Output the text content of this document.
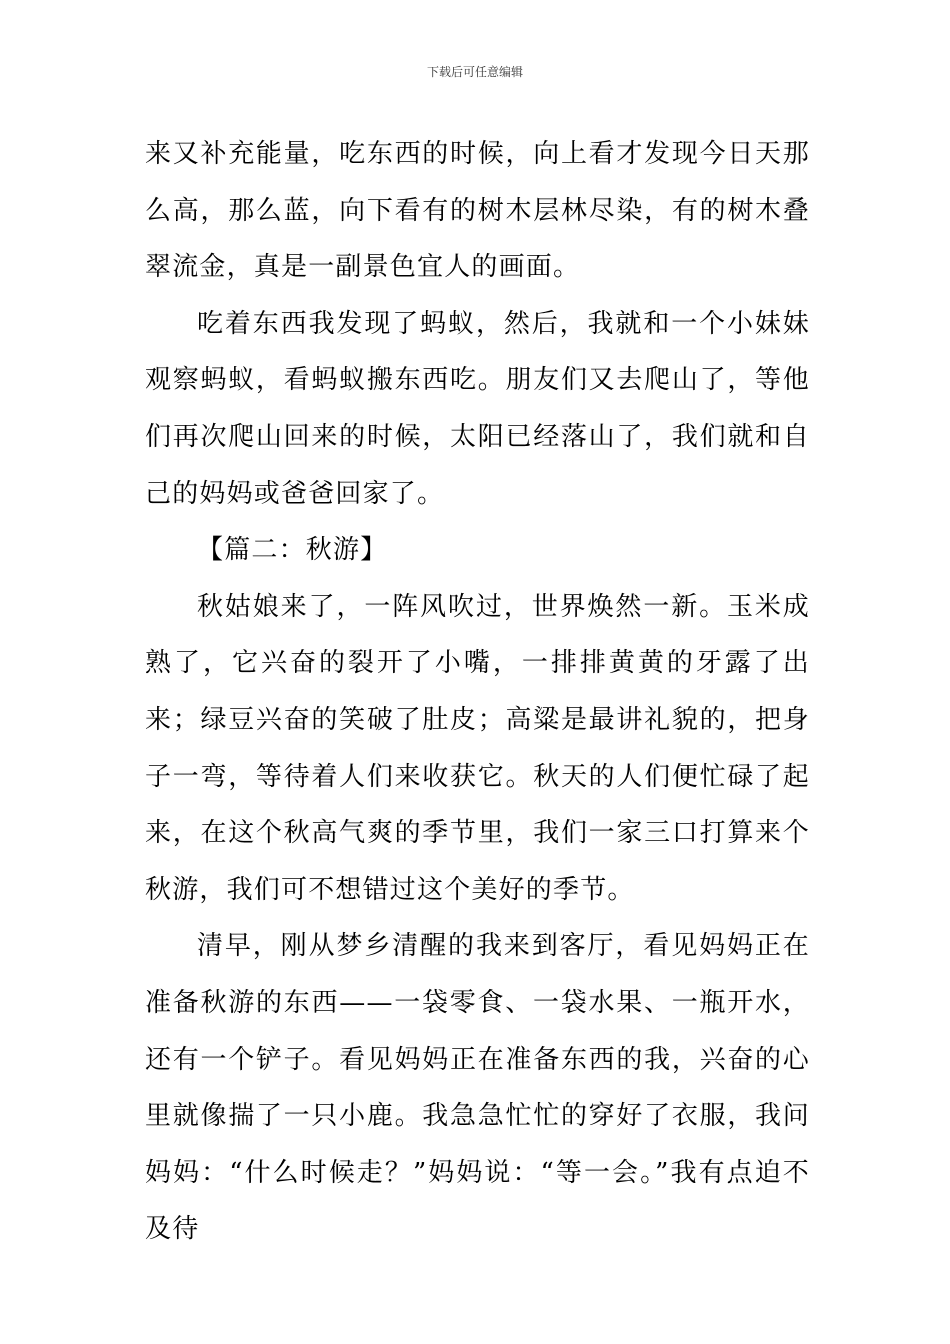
下载后可任意编辑

来又补充能量，吃东西的时候，向上看才发现今日天那么高，那么蓝，向下看有的树木层林尽染，有的树木叠翠流金，真是一副景色宜人的画面。

吃着东西我发现了蚂蚁，然后，我就和一个小妹妹观察蚂蚁，看蚂蚁搬东西吃。朋友们又去爬山了，等他们再次爬山回来的时候，太阳已经落山了，我们就和自己的妈妈或爸爸回家了。

【篇二：秋游】

秋姑娘来了，一阵风吹过，世界焕然一新。玉米成熟了，它兴奋的裂开了小嘴，一排排黄黄的牙露了出来；绿豆兴奋的笑破了肚皮；高粱是最讲礼貌的，把身子一弯，等待着人们来收获它。秋天的人们便忙碌了起来，在这个秋高气爽的季节里，我们一家三口打算来个秋游，我们可不想错过这个美好的季节。

清早，刚从梦乡清醒的我来到客厅，看见妈妈正在准备秋游的东西——一袋零食、一袋水果、一瓶开水，还有一个铲子。看见妈妈正在准备东西的我，兴奋的心里就像揣了一只小鹿。我急急忙忙的穿好了衣服，我问妈妈：“什么时候走？”妈妈说：“等一会。”我有点迫不及待
